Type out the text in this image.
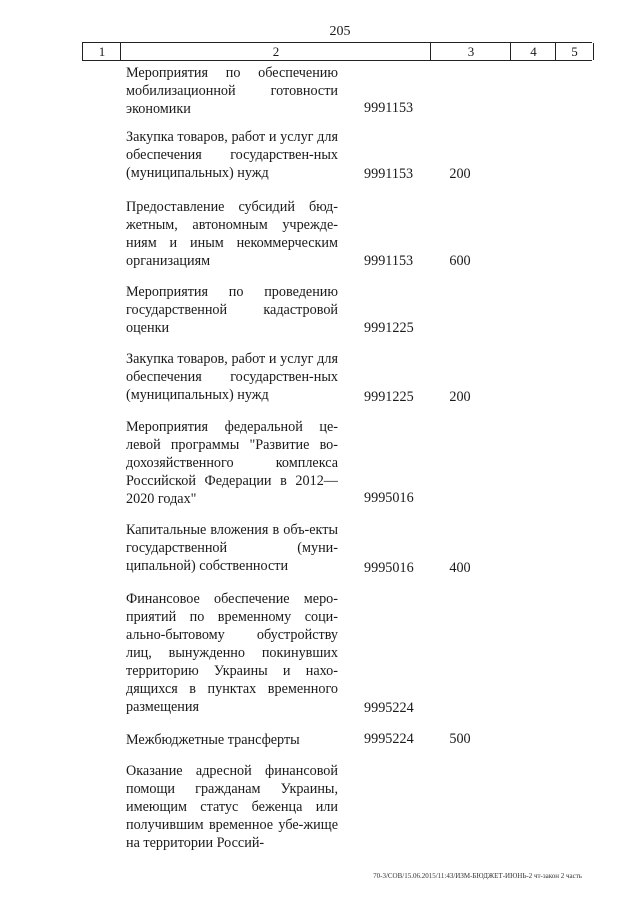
205
1	2	3	4	5
Мероприятия по обеспечению мобилизационной готовности экономики	9991153
Закупка товаров, работ и услуг для обеспечения государствен-ных (муниципальных) нужд	9991153	200
Предоставление субсидий бюд-жетным, автономным учрежде-ниям и иным некоммерческим организациям	9991153	600
Мероприятия по проведению государственной кадастровой оценки	9991225
Закупка товаров, работ и услуг для обеспечения государствен-ных (муниципальных) нужд	9991225	200
Мероприятия федеральной це-левой программы "Развитие во-дохозяйственного комплекса Российской Федерации в 2012—2020 годах"	9995016
Капитальные вложения в объ-екты государственной (муни-ципальной) собственности	9995016	400
Финансовое обеспечение меро-приятий по временному соци-ально-бытовому обустройству лиц, вынужденно покинувших территорию Украины и нахо-дящихся в пунктах временного размещения	9995224
Межбюджетные трансферты	9995224	500
Оказание адресной финансовой помощи гражданам Украины, имеющим статус беженца или получившим временное убе-жище на территории Россий-
70-3/СОВ/15.06.2015/11:43/ИЗМ-БЮДЖЕТ-ИЮНЬ-2 чт-закон 2 часть
